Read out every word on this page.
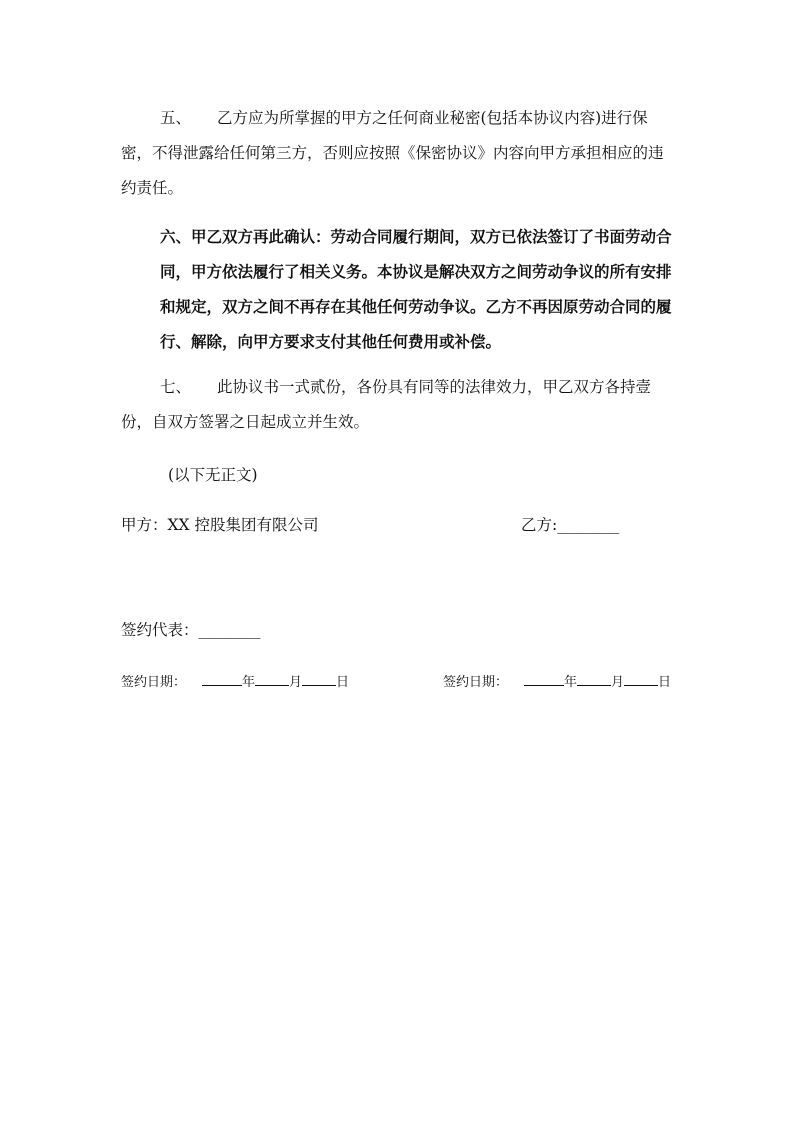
五、 乙方应为所掌握的甲方之任何商业秘密(包括本协议内容)进行保密，不得泄露给任何第三方，否则应按照《保密协议》内容向甲方承担相应的违约责任。

六、甲乙双方再此确认：劳动合同履行期间，双方已依法签订了书面劳动合同，甲方依法履行了相关义务。本协议是解决双方之间劳动争议的所有安排和规定，双方之间不再存在其他任何劳动争议。乙方不再因原劳动合同的履行、解除，向甲方要求支付其他任何费用或补偿。

七、 此协议书一式贰份，各份具有同等的法律效力，甲乙双方各持壹份，自双方签署之日起成立并生效。

(以下无正文)
甲方：XX 控股集团有限公司	乙方:________
签约代表：________
签约日期：	年	月	日	签约日期：	年	月	日
